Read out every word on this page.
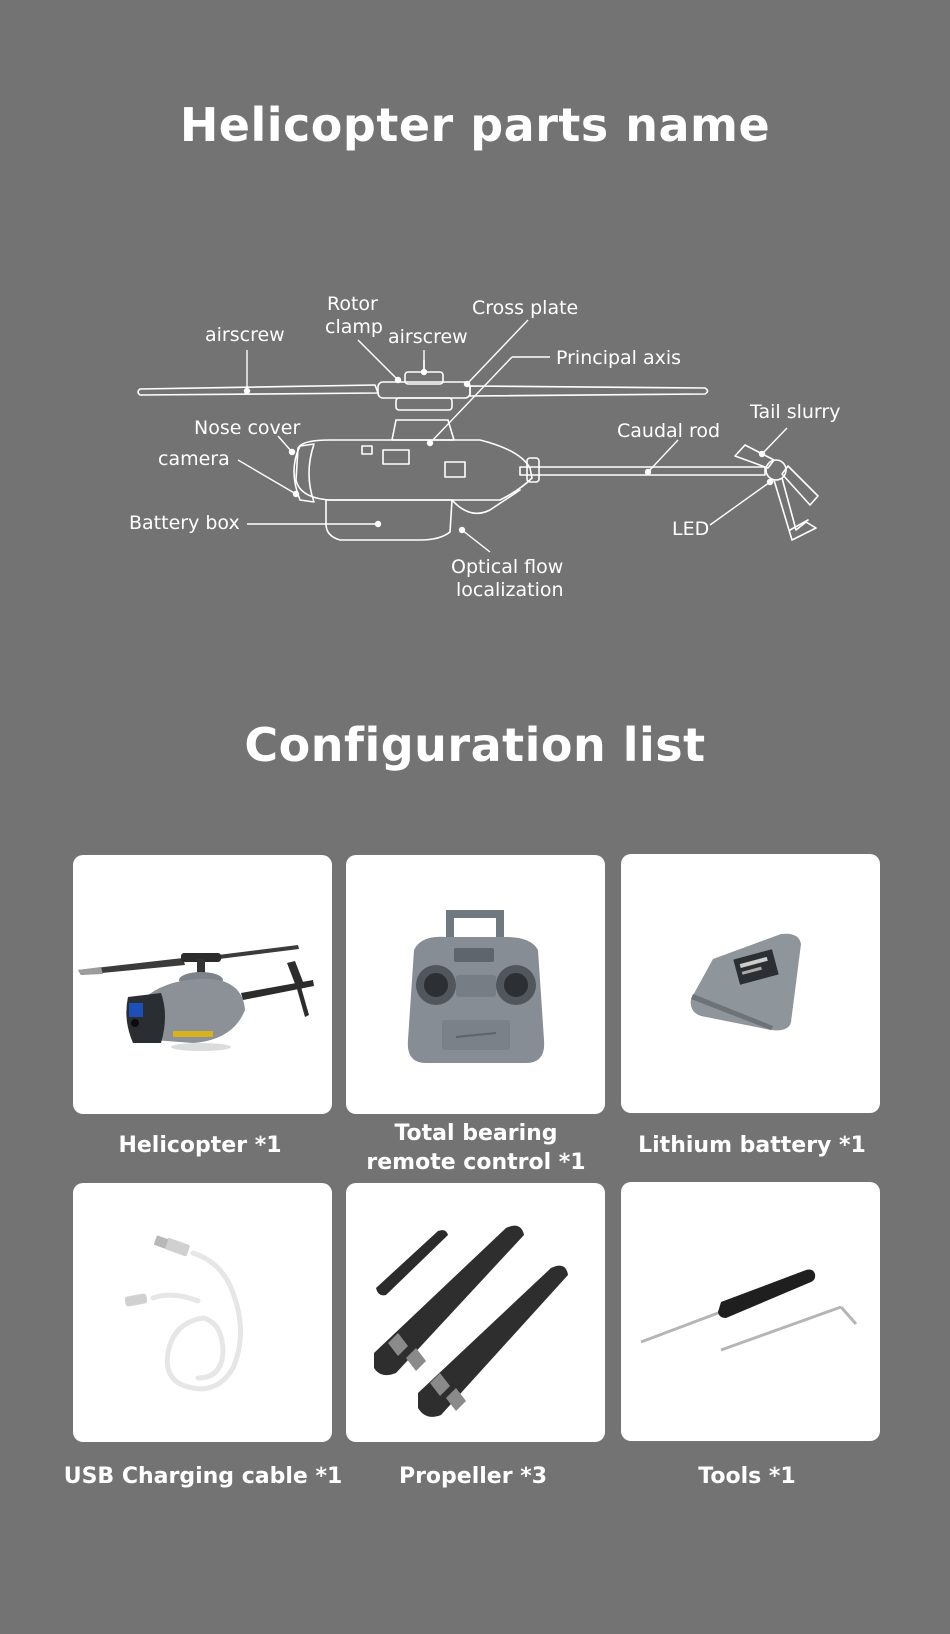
Helicopter parts name
airscrew
Rotor
clamp airscrew
Cross plate
Principal axis
Tail slurry
Nose cover	Caudal rod
camera
Battery box	LED
Optical flow
localization
Configuration list
Helicopter *1	Total bearing
remote control *1
Lithium battery *1
USB Charging cable *1	Propeller *3	Tools *1
